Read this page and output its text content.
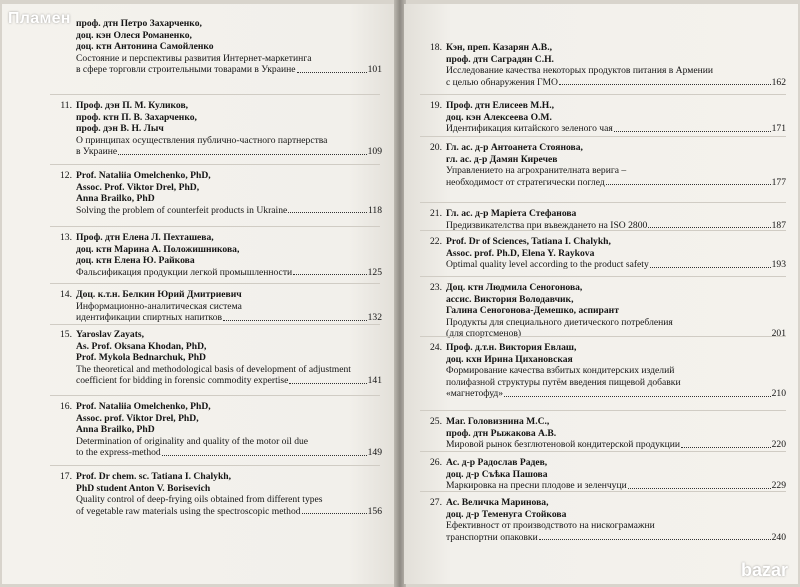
проф. дтн Петро Захарченко,
доц. кэн Олеся Романенко,
доц. ктн Антонина Самойленко
Состояние и перспективы развития Интернет-маркетинга
в сфере торговли строительными товарами в Украине	101
11. Проф. дэн П. М. Куликов,
проф. ктн П. В. Захарченко,
проф. дэн В. Н. Лыч
О принципах осуществления публично-частного партнерства
в Украине	109
12. Prof. Nataliia Omelchenko, PhD,
Assoc. Prof. Viktor Drel, PhD,
Anna Brailko, PhD
Solving the problem of counterfeit products in Ukraine	118
13. Проф. дтн Елена Л. Пехташева,
доц. ктн Марина А. Положишникова,
доц. ктн Елена Ю. Райкова
Фальсификация продукции легкой промышленности	125
14. Доц. к.т.н. Белкин Юрий Дмитриевич
Информационно-аналитическая система
идентификации спиртных напитков	132
15. Yaroslav Zayats,
As. Prof. Oksana Khodan, PhD,
Prof. Mykola Bednarchuk, PhD
The theoretical and methodological basis of development of adjustment
coefficient for bidding in forensic commodity expertise	141
16. Prof. Nataliia Omelchenko, PhD,
Assoc. prof. Viktor Drel, PhD,
Anna Brailko, PhD
Determination of originality and quality of the motor oil due
to the express-method	149
17. Prof. Dr chem. sc. Tatiana I. Chalykh,
PhD student Anton V. Borisevich
Quality control of deep-frying oils obtained from different types
of vegetable raw materials using the spectroscopic method	156
18. Кэн, преп. Казарян А.В.,
проф. дтн Саградян С.Н.
Исследование качества некоторых продуктов питания в Армении
с целью обнаружения ГМО	162
19. Проф. дтн Елисеев М.Н.,
доц. кэн Алексеева О.М.
Идентификация китайского зеленого чая	171
20. Гл. ас. д-р Антоанета Стоянова,
гл. ас. д-р Дамян Киречев
Управлението на агрохранителната верига –
необходимост от стратегически поглед	177
21. Гл. ас. д-р Маріета Стефанова
Предизвикателства при въвеждането на ISO 2800	187
22. Prof. Dr of Sciences, Tatiana I. Chalykh,
Assoc. prof. Ph.D, Elena Y. Raykova
Optimal quality level according to the product safety	193
23. Доц. ктн Людмила Сеногонова,
ассис. Виктория Володавчик,
Галина Сеногонова-Демешко, аспирант
Продукты для специального диетического потребления
(для спортсменов)	201
24. Проф. д.т.н. Виктория Евлаш,
доц. кхн Ирина Цихановская
Формирование качества взбитых кондитерских изделий
полифазной структуры путём введения пищевой добавки
«магнетофуд»	210
25. Маг. Головизнина М.С.,
проф. дтн Рыжакова А.В.
Мировой рынок безглютеновой кондитерской продукции	220
26. Ас. д-р Радослав Радев,
доц. д-р Съѣка Пашова
Маркировка на пресни плодове и зеленчуци	229
27. Ас. Величка Маринова,
доц. д-р Теменуга Стойкова
Ефективност от производството на нискограмажни
транспортни опаковки	240
Пламен
bazar
